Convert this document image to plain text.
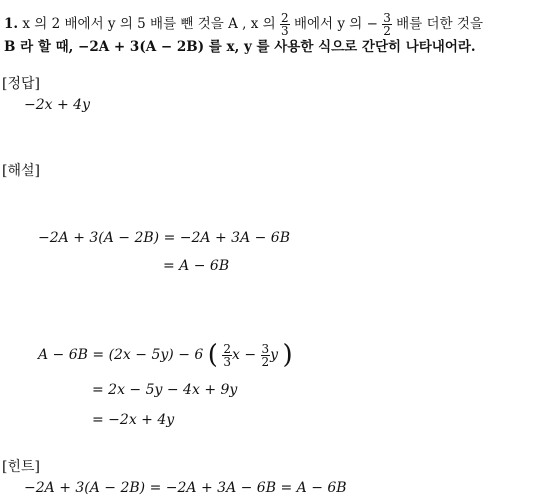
1. x 의 2 배에서 y 의 5 배를 뺀 것을 A , x 의 $\frac{2}{3}$ 배에서 y 의 − $\frac{3}{2}$ 배를 더한 것을
B 라 할 때, −2A + 3(A − 2B) 를 x, y 를 사용한 식으로 간단히 나타내어라.
[정답]
−2x + 4y
[해설]
−2A + 3(A − 2B) = −2A + 3A − 6B
= A − 6B
A − 6B = (2x − 5y) − 6 ( $\frac{2}{3}$ $x - \frac{3}{2}$ y )
= 2x − 5y − 4x + 9y
= −2x + 4y
[힌트]
−2A + 3(A − 2B) = −2A + 3A − 6B = A − 6B
